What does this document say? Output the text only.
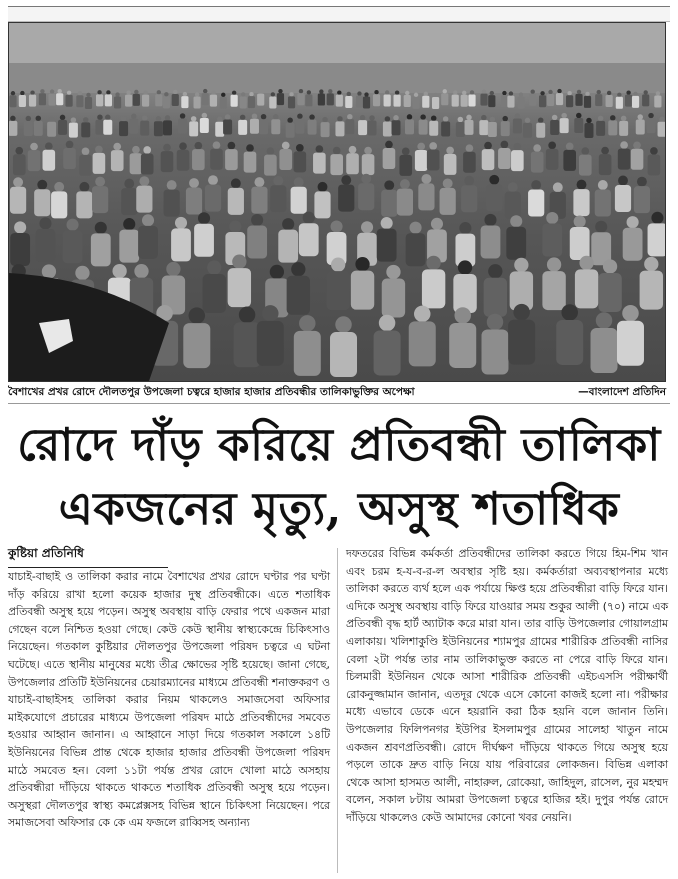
বৈশাখের প্রখর রোদে দৌলতপুর উপজেলা চত্বরে হাজার হাজার প্রতিবন্ধীর তালিকাভুক্তির অপেক্ষা	—বাংলাদেশ প্রতিদিন
রোদে দাঁড় করিয়ে প্রতিবন্ধী তালিকা
একজনের মৃত্যু, অসুস্থ শতাধিক
কুষ্টিয়া প্রতিনিধি

যাচাই-বাছাই ও তালিকা করার নামে বৈশাখের প্রখর রোদে ঘণ্টার পর ঘণ্টা দাঁড় করিয়ে রাখা হলো কয়েক হাজার দুস্থ প্রতিবন্ধীকে। এতে শতাধিক প্রতিবন্ধী অসুস্থ হয়ে পড়েন। অসুস্থ অবস্থায় বাড়ি ফেরার পথে একজন মারা গেছেন বলে নিশ্চিত হওয়া গেছে। কেউ কেউ স্থানীয় স্বাস্থ্যকেন্দ্রে চিকিৎসাও নিয়েছেন। গতকাল কুষ্টিয়ার দৌলতপুর উপজেলা পরিষদ চত্বরে এ ঘটনা ঘটেছে। এতে স্থানীয় মানুষের মধ্যে তীব্র ক্ষোভের সৃষ্টি হয়েছে। জানা গেছে, উপজেলার প্রতিটি ইউনিয়নের চেয়ারম্যানের মাধ্যমে প্রতিবন্ধী শনাক্তকরণ ও যাচাই-বাছাইসহ তালিকা করার নিয়ম থাকলেও সমাজসেবা অফিসার মাইকযোগে প্রচারের মাধ্যমে উপজেলা পরিষদ মাঠে প্রতিবন্ধীদের সমবেত হওয়ার আহ্বান জানান। এ আহ্বানে সাড়া দিয়ে গতকাল সকালে ১৪টি ইউনিয়নের বিভিন্ন প্রান্ত থেকে হাজার হাজার প্রতিবন্ধী উপজেলা পরিষদ মাঠে সমবেত হন। বেলা ১১টা পর্যন্ত প্রখর রোদে খোলা মাঠে অসহায় প্রতিবন্ধীরা দাঁড়িয়ে থাকতে থাকতে শতাধিক প্রতিবন্ধী অসুস্থ হয়ে পড়েন। অসুস্থরা দৌলতপুর স্বাস্থ্য কমপ্লেক্সসহ বিভিন্ন স্থানে চিকিৎসা নিয়েছেন। পরে সমাজসেবা অফিসার কে কে এম ফজলে রাব্বিসহ অন্যান্য

দফতরের বিভিন্ন কর্মকর্তা প্রতিবন্ধীদের তালিকা করতে গিয়ে হিম-শিম খান এবং চরম হ-য-ব-র-ল অবস্থার সৃষ্টি হয়। কর্মকর্তারা অব্যবস্থাপনার মধ্যে তালিকা করতে ব্যর্থ হলে এক পর্যায়ে ক্ষিপ্ত হয়ে প্রতিবন্ধীরা বাড়ি ফিরে যান। এদিকে অসুস্থ অবস্থায় বাড়ি ফিরে যাওয়ার সময় শুকুর আলী (৭০) নামে এক প্রতিবন্ধী বৃদ্ধ হার্ট অ্যাটাক করে মারা যান। তার বাড়ি উপজেলার গোয়ালগ্রাম এলাকায়। খলিশাকুণ্ডি ইউনিয়নের শ্যামপুর গ্রামের শারীরিক প্রতিবন্ধী নাসির বেলা ২টা পর্যন্ত তার নাম তালিকাভুক্ত করতে না পেরে বাড়ি ফিরে যান। চিলমারী ইউনিয়ন থেকে আসা শারীরিক প্রতিবন্ধী এইচএসসি পরীক্ষার্থী রোকনুজ্জামান জানান, এতদূর থেকে এসে কোনো কাজই হলো না। পরীক্ষার মধ্যে এভাবে ডেকে এনে হয়রানি করা ঠিক হয়নি বলে জানান তিনি। উপজেলার ফিলিপনগর ইউপির ইসলামপুর গ্রামের সালেহা খাতুন নামে একজন শ্রবণপ্রতিবন্ধী। রোদে দীর্ঘক্ষণ দাঁড়িয়ে থাকতে গিয়ে অসুস্থ হয়ে পড়লে তাকে দ্রুত বাড়ি নিয়ে যায় পরিবারের লোকজন। বিভিন্ন এলাকা থেকে আসা হাসমত আলী, নাহারুল, রোকেয়া, জাহিদুল, রাসেল, নুর মহম্মদ বলেন, সকাল ৮টায় আমরা উপজেলা চত্বরে হাজির হই। দুপুর পর্যন্ত রোদে দাঁড়িয়ে থাকলেও কেউ আমাদের কোনো খবর নেয়নি।
